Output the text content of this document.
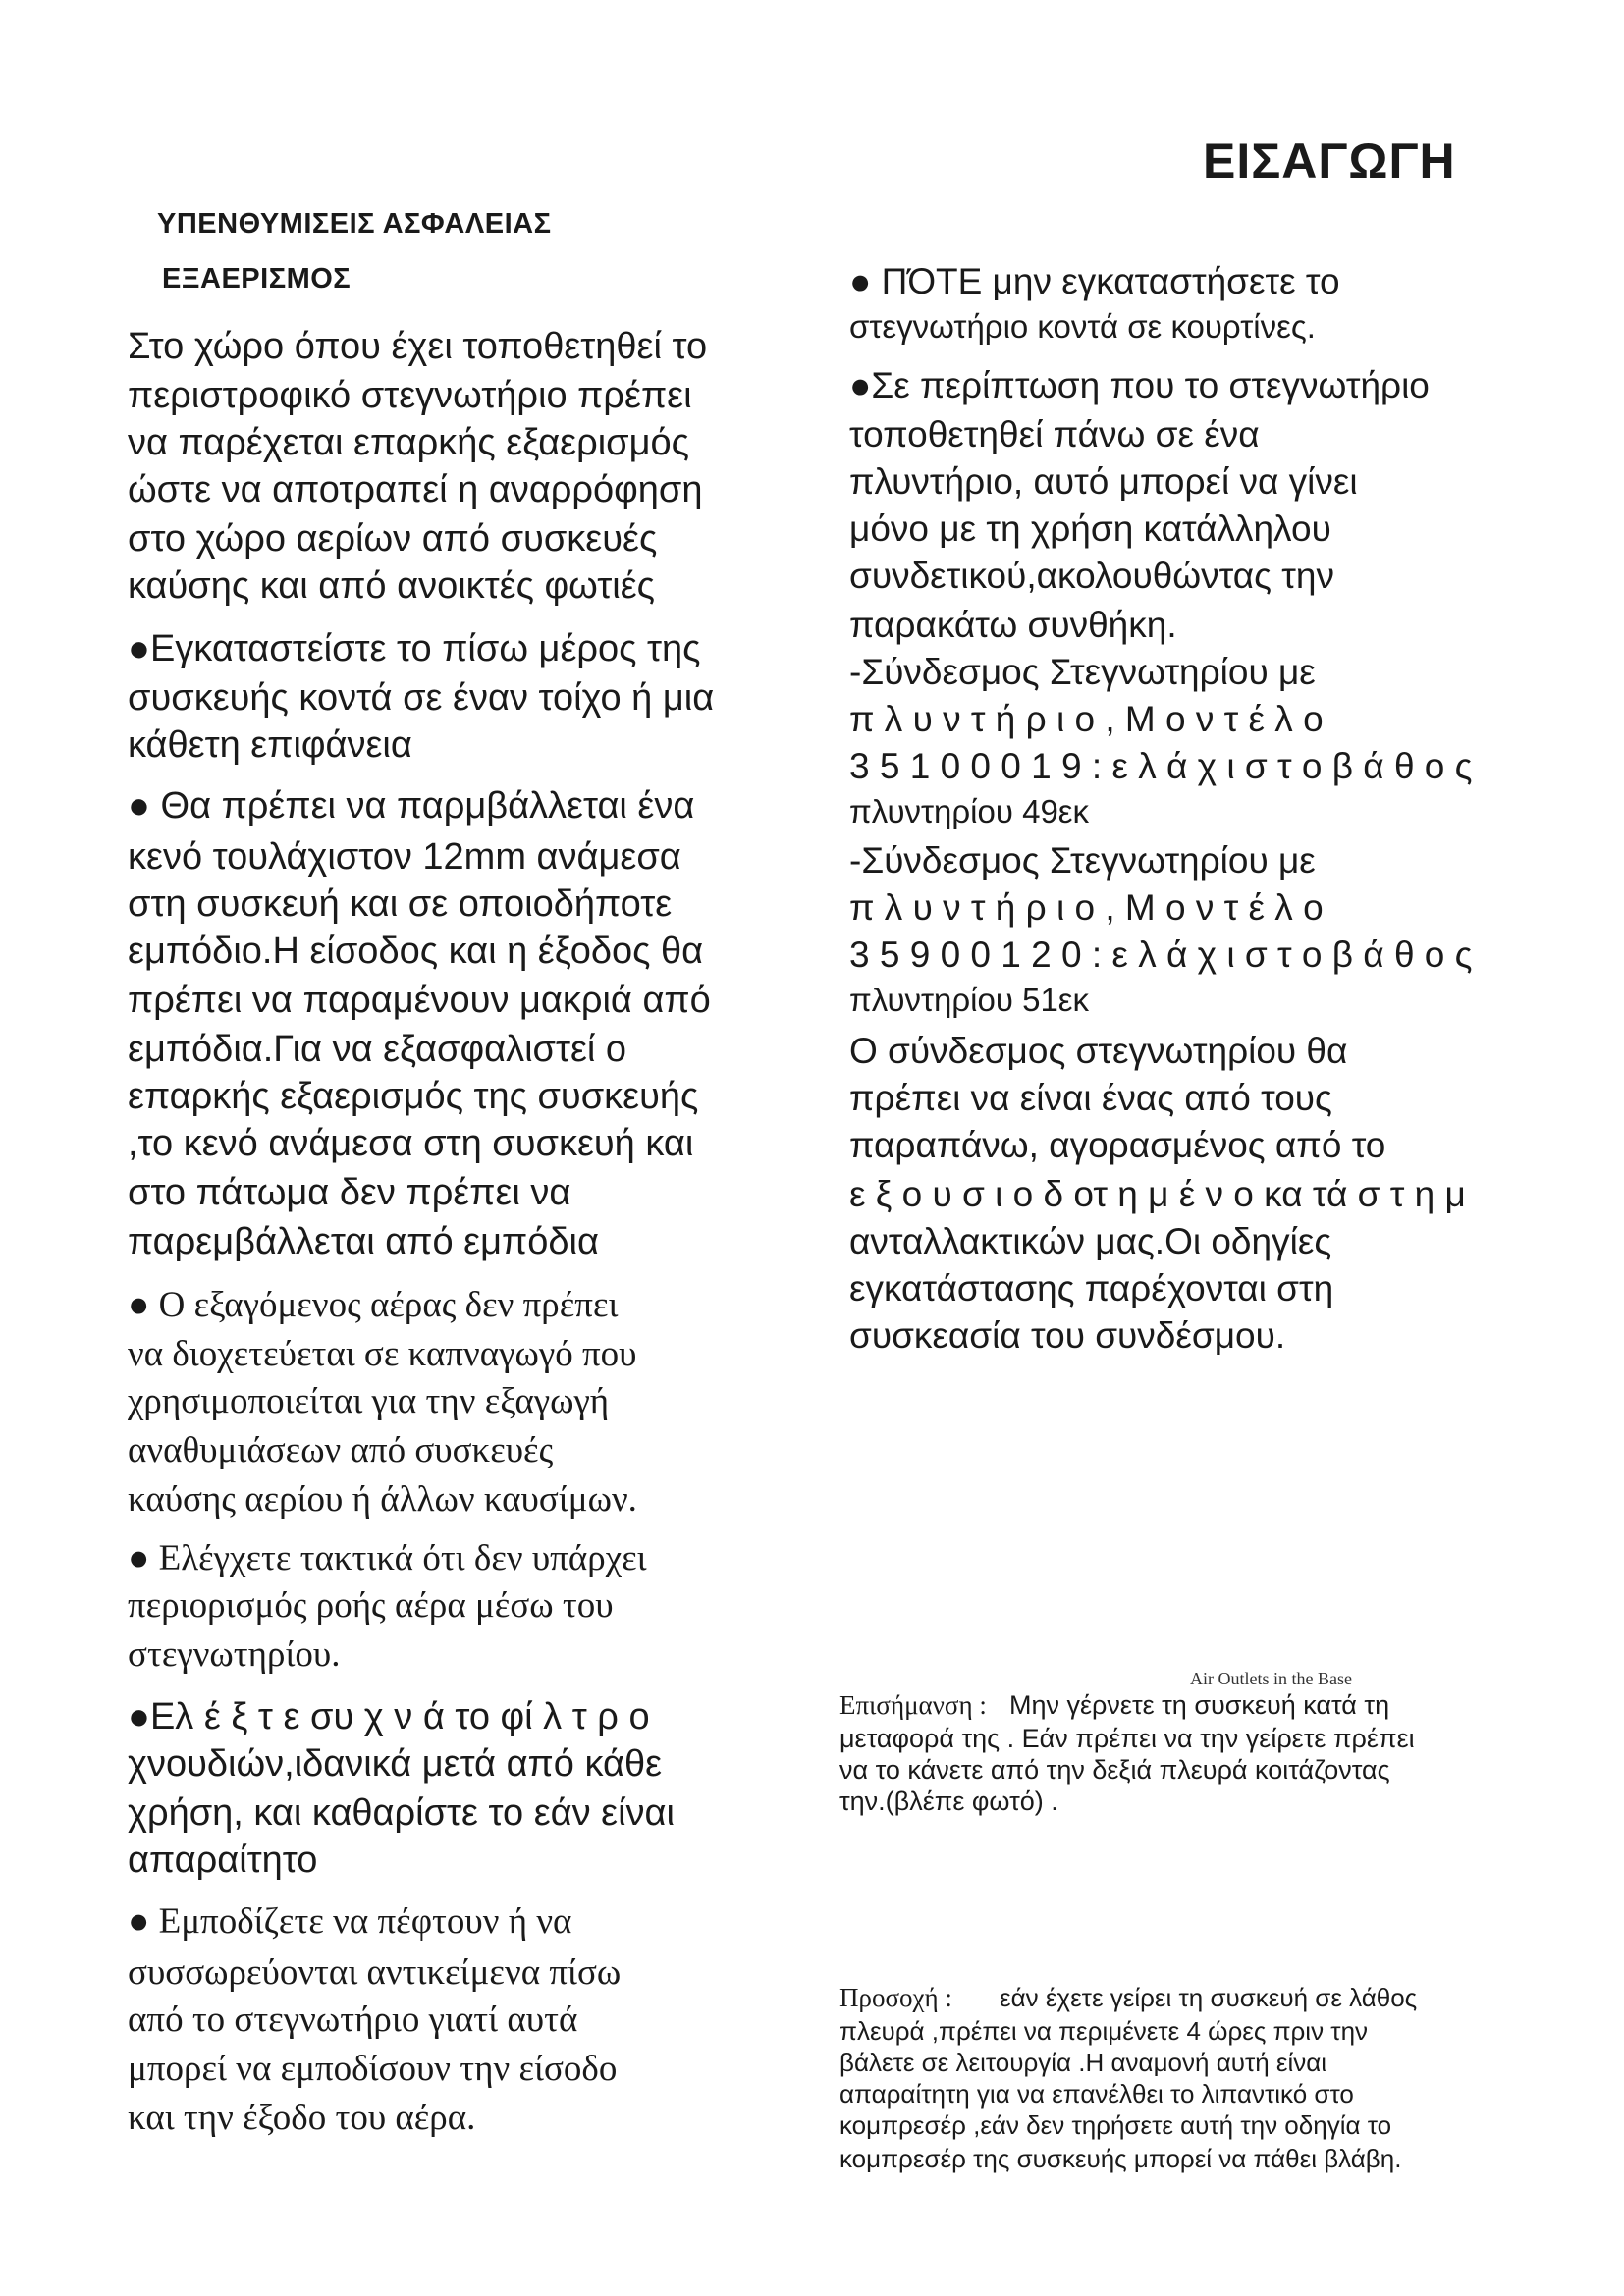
ΕΙΣΑΓΩΓΗ
ΥΠΕΝΘΥΜΙΣΕΙΣ ΑΣΦΑΛΕΙΑΣ
ΕΞΑΕΡΙΣΜΟΣ
Στο χώρο όπου έχει τοποθετηθεί το
περιστροφικό στεγνωτήριο πρέπει
να παρέχεται επαρκής εξαερισμός
ώστε να αποτραπεί η αναρρόφηση
στο χώρο αερίων από συσκευές
καύσης και από ανοικτές φωτιές
●Εγκαταστείστε το πίσω μέρος της
συσκευής κοντά σε έναν τοίχο ή μια
κάθετη επιφάνεια
● Θα πρέπει να παρμβάλλεται ένα
κενό τουλάχιστον 12mm ανάμεσα
στη συσκευή και σε οποιοδήποτε
εμπόδιο.Η είσοδος και η έξοδος θα
πρέπει να παραμένουν μακριά από
εμπόδια.Για να εξασφαλιστεί ο
επαρκής εξαερισμός της συσκευής
,το κενό ανάμεσα στη συσκευή και
στο πάτωμα δεν πρέπει να
παρεμβάλλεται από εμπόδια
● Ο εξαγόμενος αέρας δεν πρέπει
να διοχετεύεται σε καπναγωγό που
χρησιμοποιείται για την εξαγωγή
αναθυμιάσεων από συσκευές
καύσης αερίου ή άλλων καυσίμων.
● Ελέγχετε τακτικά ότι δεν υπάρχει
περιορισμός ροής αέρα μέσω του
στεγνωτηρίου.
●Ελ έ ξ τ ε συ χ ν ά το φί λ τ ρ ο
χνουδιών,ιδανικά μετά από κάθε
χρήση, και καθαρίστε το εάν είναι
απαραίτητο
● Εμποδίζετε να πέφτουν ή να
συσσωρεύονται αντικείμενα πίσω
από το στεγνωτήριο γιατί αυτά
μπορεί να εμποδίσουν την είσοδο
και την έξοδο του αέρα.
● ΠΌΤΕ μην εγκαταστήσετε το
στεγνωτήριο κοντά σε κουρτίνες.
●Σε περίπτωση που το στεγνωτήριο
τοποθετηθεί πάνω σε ένα
πλυντήριο, αυτό μπορεί να γίνει
μόνο με τη χρήση κατάλληλου
συνδετικού,ακολουθώντας την
παρακάτω συνθήκη.
-Σύνδεσμος Στεγνωτηρίου με
π λ υ ν τ ή ρ ι ο , Μ ο ν τ έ λ ο
3 5 1 0 0 0 1 9 : ε λ ά χ ι σ τ ο β ά θ ο ς
πλυντηρίου 49εκ
-Σύνδεσμος Στεγνωτηρίου με
π λ υ ν τ ή ρ ι ο , Μ ο ν τ έ λ ο
3 5 9 0 0 1 2 0 : ε λ ά χ ι σ τ ο β ά θ ο ς
πλυντηρίου 51εκ
Ο σύνδεσμος στεγνωτηρίου θα
πρέπει να είναι ένας από τους
παραπάνω, αγορασμένος από το
ε ξ ο υ σ ι ο δ οτ η μ έ ν ο κα τά σ τ η μ
ανταλλακτικών μας.Οι οδηγίες
εγκατάστασης παρέχονται στη
συσκεασία του συνδέσμου.
Air Outlets in the Base
Επισήμανση : Μην γέρνετε τη συσκευή κατά τη
μεταφορά της . Εάν πρέπει να την γείρετε πρέπει
να το κάνετε από την δεξιά πλευρά κοιτάζοντας
την.(βλέπε φωτό) .
Προσοχή : εάν έχετε γείρει τη συσκευή σε λάθος
πλευρά ,πρέπει να περιμένετε 4 ώρες πριν την
βάλετε σε λειτουργία .Η αναμονή αυτή είναι
απαραίτητη για να επανέλθει το λιπαντικό στο
κομπρεσέρ ,εάν δεν τηρήσετε αυτή την οδηγία το
κομπρεσέρ της συσκευής μπορεί να πάθει βλάβη.
